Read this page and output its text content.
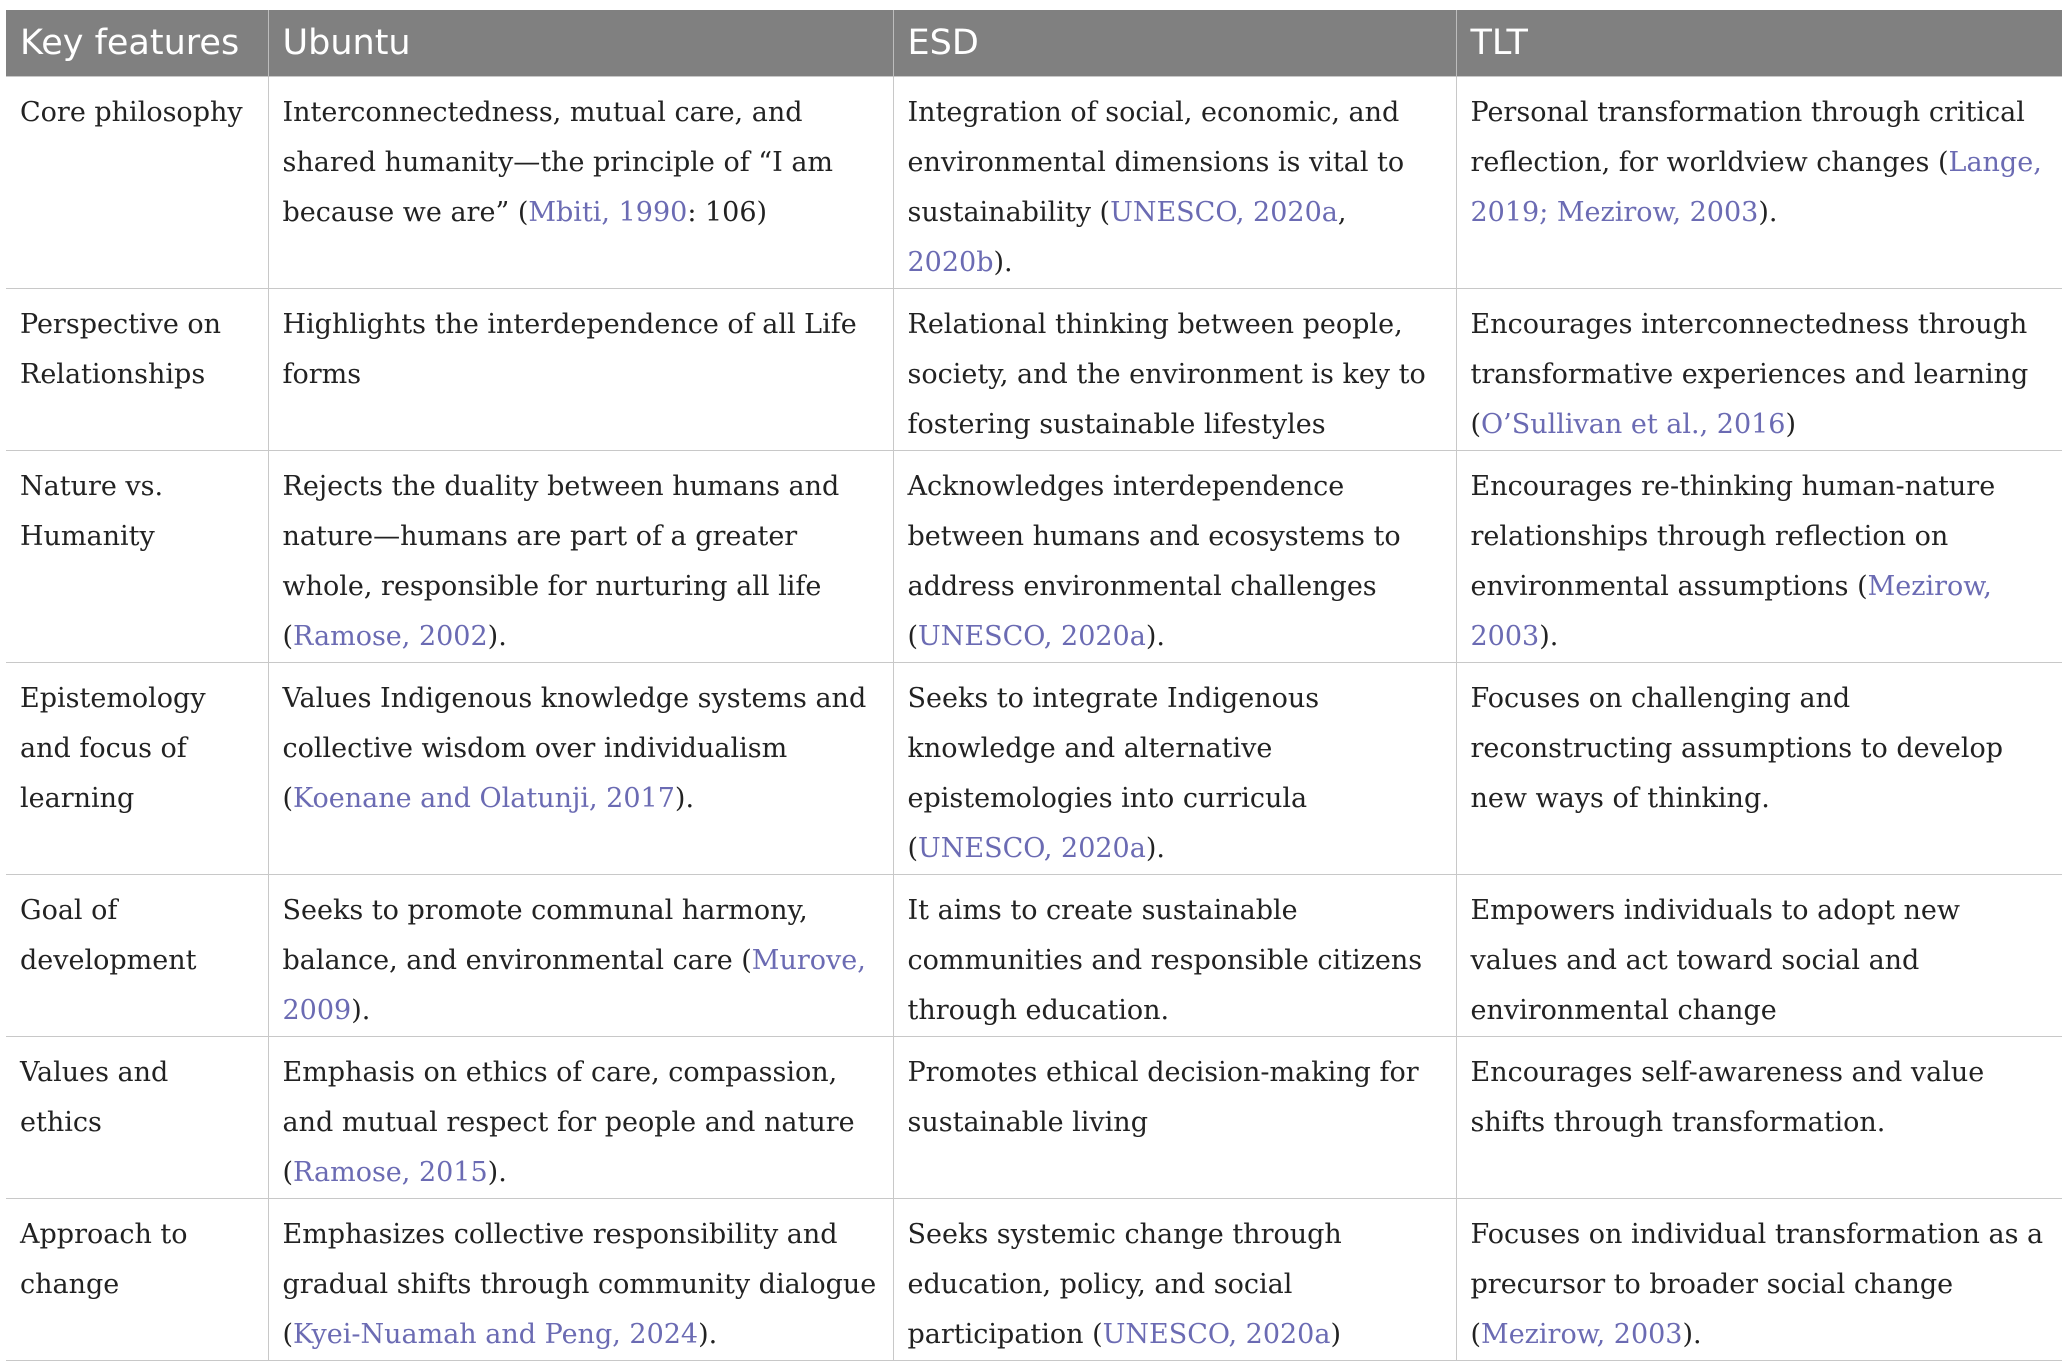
Key features	Ubuntu	ESD	TLT
Core philosophy	Interconnectedness, mutual care, and shared humanity—the principle of “I am because we are” (Mbiti, 1990: 106)	Integration of social, economic, and environmental dimensions is vital to sustainability (UNESCO, 2020a, 2020b).	Personal transformation through critical reflection, for worldview changes (Lange, 2019; Mezirow, 2003).
Perspective on Relationships	Highlights the interdependence of all Life forms	Relational thinking between people, society, and the environment is key to fostering sustainable lifestyles	Encourages interconnectedness through transformative experiences and learning (O’Sullivan et al., 2016)
Nature vs. Humanity	Rejects the duality between humans and nature—humans are part of a greater whole, responsible for nurturing all life (Ramose, 2002).	Acknowledges interdependence between humans and ecosystems to address environmental challenges (UNESCO, 2020a).	Encourages re-thinking human-nature relationships through reflection on environmental assumptions (Mezirow, 2003).
Epistemology and focus of learning	Values Indigenous knowledge systems and collective wisdom over individualism (Koenane and Olatunji, 2017).	Seeks to integrate Indigenous knowledge and alternative epistemologies into curricula (UNESCO, 2020a).	Focuses on challenging and reconstructing assumptions to develop new ways of thinking.
Goal of development	Seeks to promote communal harmony, balance, and environmental care (Murove, 2009).	It aims to create sustainable communities and responsible citizens through education.	Empowers individuals to adopt new values and act toward social and environmental change
Values and ethics	Emphasis on ethics of care, compassion, and mutual respect for people and nature (Ramose, 2015).	Promotes ethical decision-making for sustainable living	Encourages self-awareness and value shifts through transformation.
Approach to change	Emphasizes collective responsibility and gradual shifts through community dialogue (Kyei-Nuamah and Peng, 2024).	Seeks systemic change through education, policy, and social participation (UNESCO, 2020a)	Focuses on individual transformation as a precursor to broader social change (Mezirow, 2003).
